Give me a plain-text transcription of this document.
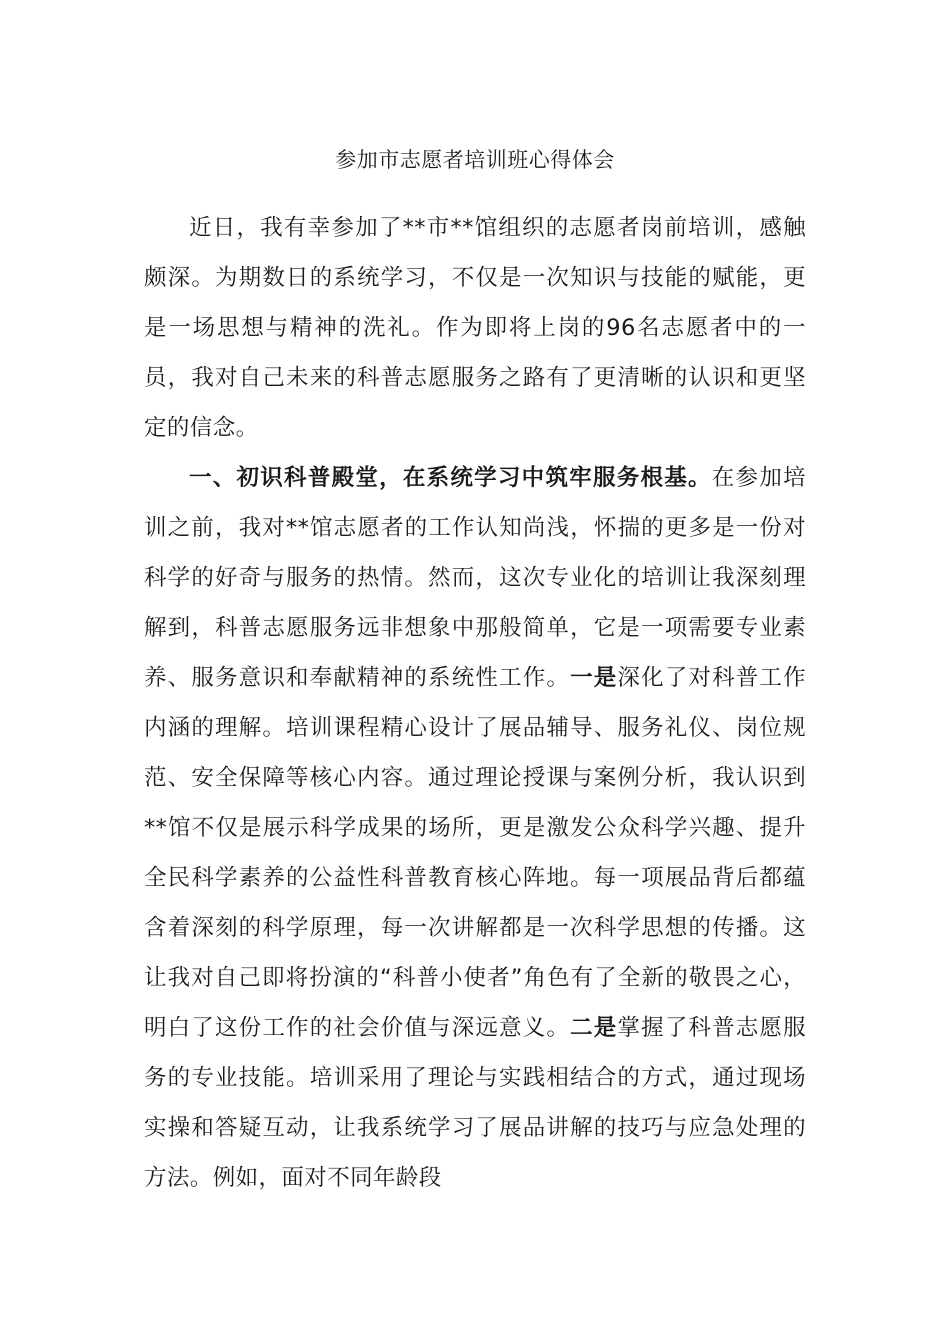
参加市志愿者培训班心得体会

近日，我有幸参加了**市**馆组织的志愿者岗前培训，感触颇深。为期数日的系统学习，不仅是一次知识与技能的赋能，更是一场思想与精神的洗礼。作为即将上岗的96名志愿者中的一员，我对自己未来的科普志愿服务之路有了更清晰的认识和更坚定的信念。

一、初识科普殿堂，在系统学习中筑牢服务根基。在参加培训之前，我对**馆志愿者的工作认知尚浅，怀揣的更多是一份对科学的好奇与服务的热情。然而，这次专业化的培训让我深刻理解到，科普志愿服务远非想象中那般简单，它是一项需要专业素养、服务意识和奉献精神的系统性工作。一是深化了对科普工作内涵的理解。培训课程精心设计了展品辅导、服务礼仪、岗位规范、安全保障等核心内容。通过理论授课与案例分析，我认识到**馆不仅是展示科学成果的场所，更是激发公众科学兴趣、提升全民科学素养的公益性科普教育核心阵地。每一项展品背后都蕴含着深刻的科学原理，每一次讲解都是一次科学思想的传播。这让我对自己即将扮演的“科普小使者”角色有了全新的敬畏之心，明白了这份工作的社会价值与深远意义。二是掌握了科普志愿服务的专业技能。培训采用了理论与实践相结合的方式，通过现场实操和答疑互动，让我系统学习了展品讲解的技巧与应急处理的方法。例如，面对不同年龄段
